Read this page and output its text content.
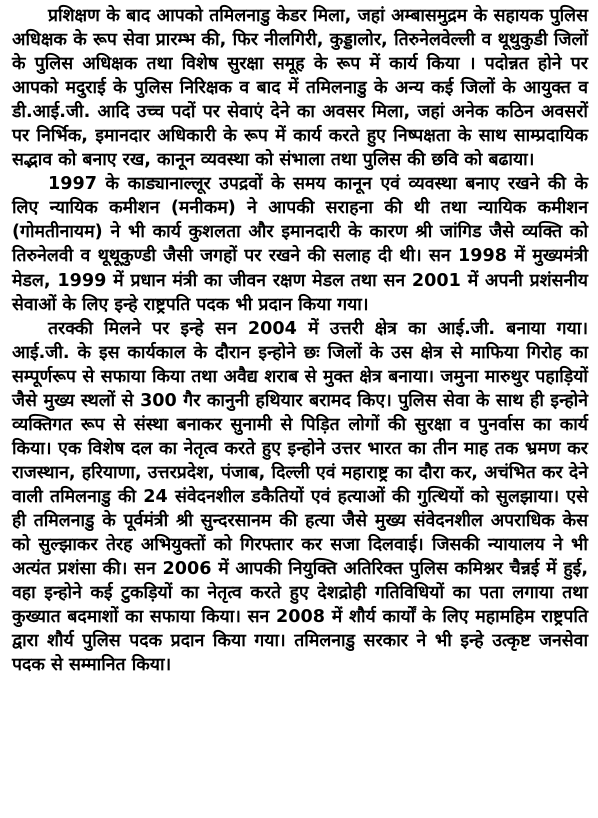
प्रशिक्षण के बाद आपको तमिलनाडु केडर मिला, जहां अम्बासमुद्रम के सहायक पुलिस अधिक्षक के रूप सेवा प्रारम्भ की, फिर नीलगिरी, कुड्डालोर, तिरुनेलवेल्ली व थूथुकुडी जिलों के पुलिस अधिक्षक तथा विशेष सुरक्षा समूह के रूप में कार्य किया । पदोन्नत होने पर आपको मदुराई के पुलिस निरिक्षक व बाद में तमिलनाडु के अन्य कई जिलों के आयुक्त व डी.आई.जी. आदि उच्च पदों पर सेवाएं देने का अवसर मिला, जहां अनेक कठिन अवसरों पर निर्भिक, इमानदार अधिकारी के रूप में कार्य करते हुए निष्पक्षता के साथ साम्प्रदायिक सद्भाव को बनाए रख, कानून व्यवस्था को संभाला तथा पुलिस की छवि को बढाया।

1997 के काड्यानाल्लूर उपद्रवों के समय कानून एवं व्यवस्था बनाए रखने की के लिए न्यायिक कमीशन (मनीकम) ने आपकी सराहना की थी तथा न्यायिक कमीशन (गोमतीनायम) ने भी कार्य कुशलता और इमानदारी के कारण श्री जांगिड जैसे व्यक्ति को तिरुनेलवी व थूथूकुण्डी जैसी जगहों पर रखने की सलाह दी थी। सन 1998 में मुख्यमंत्री मेडल, 1999 में प्रधान मंत्री का जीवन रक्षण मेडल तथा सन 2001 में अपनी प्रशंसनीय सेवाओं के लिए इन्हे राष्ट्रपति पदक भी प्रदान किया गया।

तरक्की मिलने पर इन्हे सन 2004 में उत्तरी क्षेत्र का आई.जी. बनाया गया। आई.जी. के इस कार्यकाल के दौरान इन्होने छः जिलों के उस क्षेत्र से माफिया गिरोह का सम्पूर्णरूप से सफाया किया तथा अवैद्य शराब से मुक्त क्षेत्र बनाया। जमुना मारुथुर पहाड़ियों जैसे मुख्य स्थलों से 300 गैर कानुनी हथियार बरामद किए। पुलिस सेवा के साथ ही इन्होने व्यक्तिगत रूप से संस्था बनाकर सुनामी से पिड़ित लोगों की सुरक्षा व पुनर्वास का कार्य किया। एक विशेष दल का नेतृत्व करते हुए इन्होने उत्तर भारत का तीन माह तक भ्रमण कर राजस्थान, हरियाणा, उत्तरप्रदेश, पंजाब, दिल्ली एवं महाराष्ट्र का दौरा कर, अचंभित कर देने वाली तमिलनाडु की 24 संवेदनशील डकैतियों एवं हत्याओं की गुत्थियों को सुलझाया। एसे ही तमिलनाडु के पूर्वमंत्री श्री सुन्दरसानम की हत्या जैसे मुख्य संवेदनशील अपराधिक केस को सुल्झाकर तेरह अभियुक्तों को गिरफ्तार कर सजा दिलवाई। जिसकी न्यायालय ने भी अत्यंत प्रशंसा की। सन 2006 में आपकी नियुक्ति अतिरिक्त पुलिस कमिश्नर चैन्नई में हुई, वहा इन्होने कई टुकड़ियों का नेतृत्व करते हुए देशद्रोही गतिविधियों का पता लगाया तथा कुख्यात बदमाशों का सफाया किया। सन 2008 में शौर्य कार्यों के लिए महामहिम राष्ट्रपति द्वारा शौर्य पुलिस पदक प्रदान किया गया। तमिलनाडु सरकार ने भी इन्हे उत्कृष्ट जनसेवा पदक से सम्मानित किया।
